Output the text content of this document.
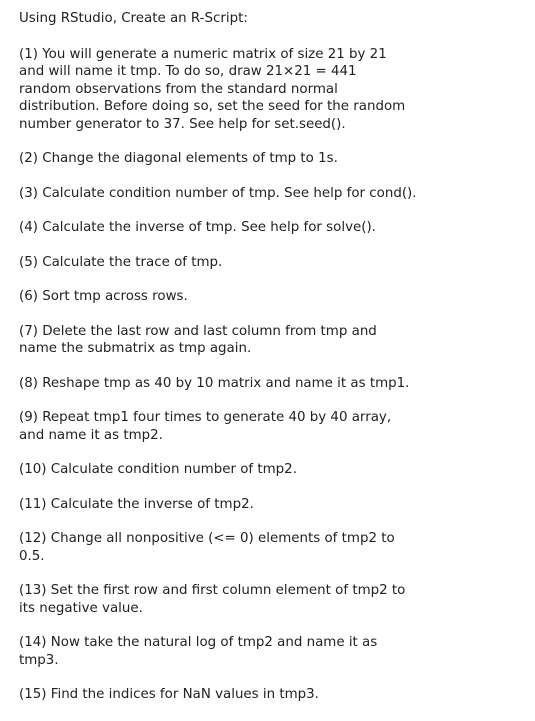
Using RStudio, Create an R-Script:

(1) You will generate a numeric matrix of size 21 by 21 and will name it tmp. To do so, draw 21×21 = 441 random observations from the standard normal distribution. Before doing so, set the seed for the random number generator to 37. See help for set.seed().

(2) Change the diagonal elements of tmp to 1s.

(3) Calculate condition number of tmp. See help for cond().

(4) Calculate the inverse of tmp. See help for solve().

(5) Calculate the trace of tmp.

(6) Sort tmp across rows.

(7) Delete the last row and last column from tmp and name the submatrix as tmp again.

(8) Reshape tmp as 40 by 10 matrix and name it as tmp1.

(9) Repeat tmp1 four times to generate 40 by 40 array, and name it as tmp2.

(10) Calculate condition number of tmp2.

(11) Calculate the inverse of tmp2.

(12) Change all nonpositive (<= 0) elements of tmp2 to 0.5.

(13) Set the first row and first column element of tmp2 to its negative value.

(14) Now take the natural log of tmp2 and name it as tmp3.

(15) Find the indices for NaN values in tmp3.
